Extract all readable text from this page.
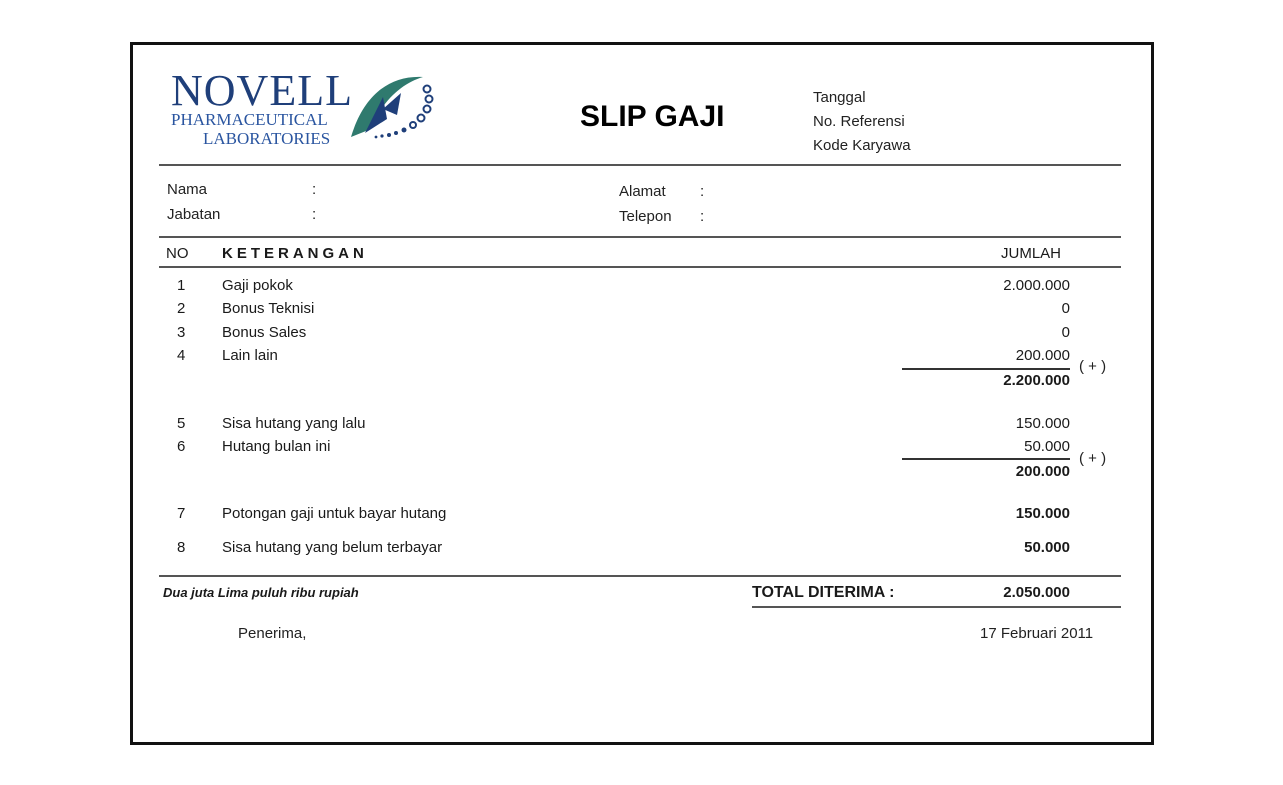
NOVELL
PHARMACEUTICAL
LABORATORIES
SLIP GAJI
Tanggal
No. Referensi
Kode Karyawa
Nama	:
Jabatan	:
Alamat :
Telepon :
NO KETERANGAN	JUMLAH
1 Gaji pokok	2.000.000
2 Bonus Teknisi	0
3 Bonus Sales	0
4 Lain lain	200.000
2.200.000
( + )
5 Sisa hutang yang lalu	150.000
6 Hutang bulan ini	50.000
200.000
( + )
7 Potongan gaji untuk bayar hutang	150.000
8 Sisa hutang yang belum terbayar	50.000
Dua juta Lima puluh ribu rupiah	TOTAL DITERIMA :	2.050.000
Penerima,	17 Februari 2011
